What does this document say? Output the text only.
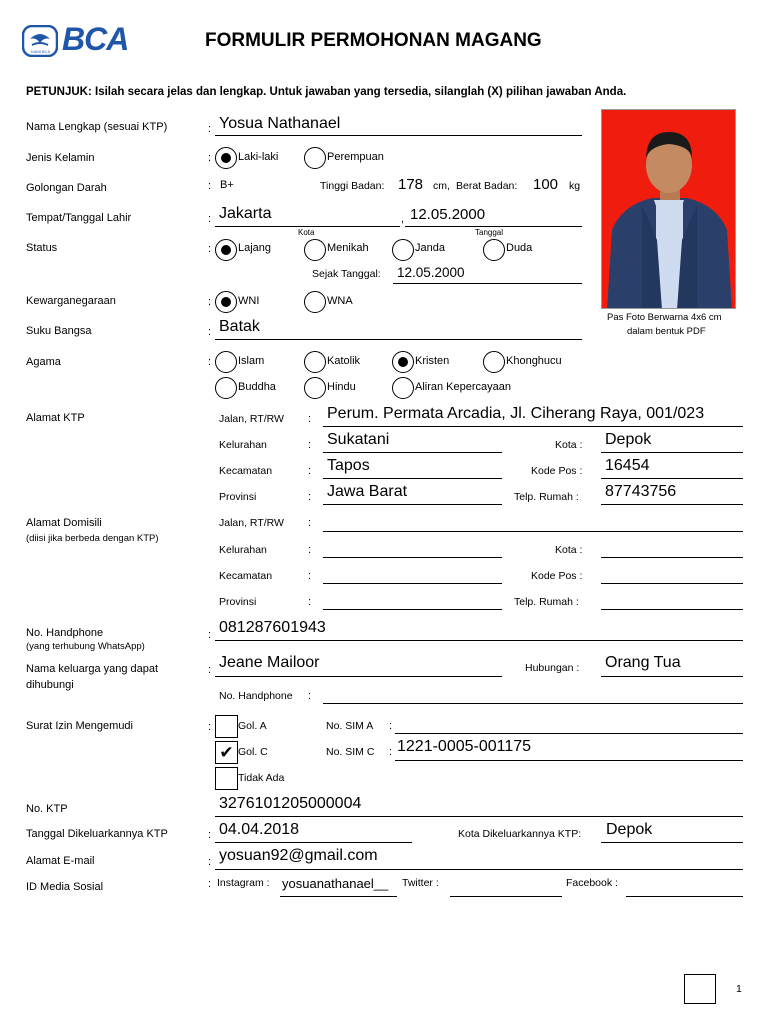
KAMI BCA BCA	FORMULIR PERMOHONAN MAGANG
PETUNJUK: Isilah secara jelas dan lengkap. Untuk jawaban yang tersedia, silanglah (X) pilihan jawaban Anda.
Pas Foto Berwarna 4x6 cm
dalam bentuk PDF
Nama Lengkap (sesuai KTP)	: Yosua Nathanael
Jenis Kelamin	: Laki-laki	Perempuan
Golongan Darah	: B+	Tinggi Badan: 178 cm, Berat Badan: 100 kg
Tempat/Tanggal Lahir	: Jakarta	, 12.05.2000
Kota	Tanggal
Status	: Lajang	Menikah	Janda	Duda
Sejak Tanggal: 12.05.2000
Kewarganegaraan	: WNI	WNA
Suku Bangsa	: Batak
Agama	: Islam	Katolik	Kristen	Khonghucu
Buddha	Hindu	Aliran Kepercayaan
Alamat KTP	Jalan, RT/RW : Perum. Permata Arcadia, Jl. Ciherang Raya, 001/023
Kelurahan	: Sukatani	Kota : Depok
Kecamatan	: Tapos	Kode Pos : 16454
Provinsi	: Jawa Barat	Telp. Rumah : 87743756
Alamat Domisili
(diisi jika berbeda dengan KTP)
Jalan, RT/RW :
Kelurahan	:	Kota :
Kecamatan	:	Kode Pos :
Provinsi	:	Telp. Rumah :
No. Handphone
(yang terhubung WhatsApp)
: 081287601943
Nama keluarga yang dapat
dihubungi
: Jeane Mailoor	Hubungan : Orang Tua
No. Handphone :
Surat Izin Mengemudi	:	Gol. A	No. SIM A :
✔ Gol. C	No. SIM C : 1221-0005-001175
Tidak Ada
No. KTP	3276101205000004
Tanggal Dikeluarkannya KTP	: 04.04.2018	Kota Dikeluarkannya KTP: Depok
Alamat E-mail	: yosuan92@gmail.com
ID Media Sosial	: Instagram : yosuanathanael__ Twitter :	Facebook :
1
